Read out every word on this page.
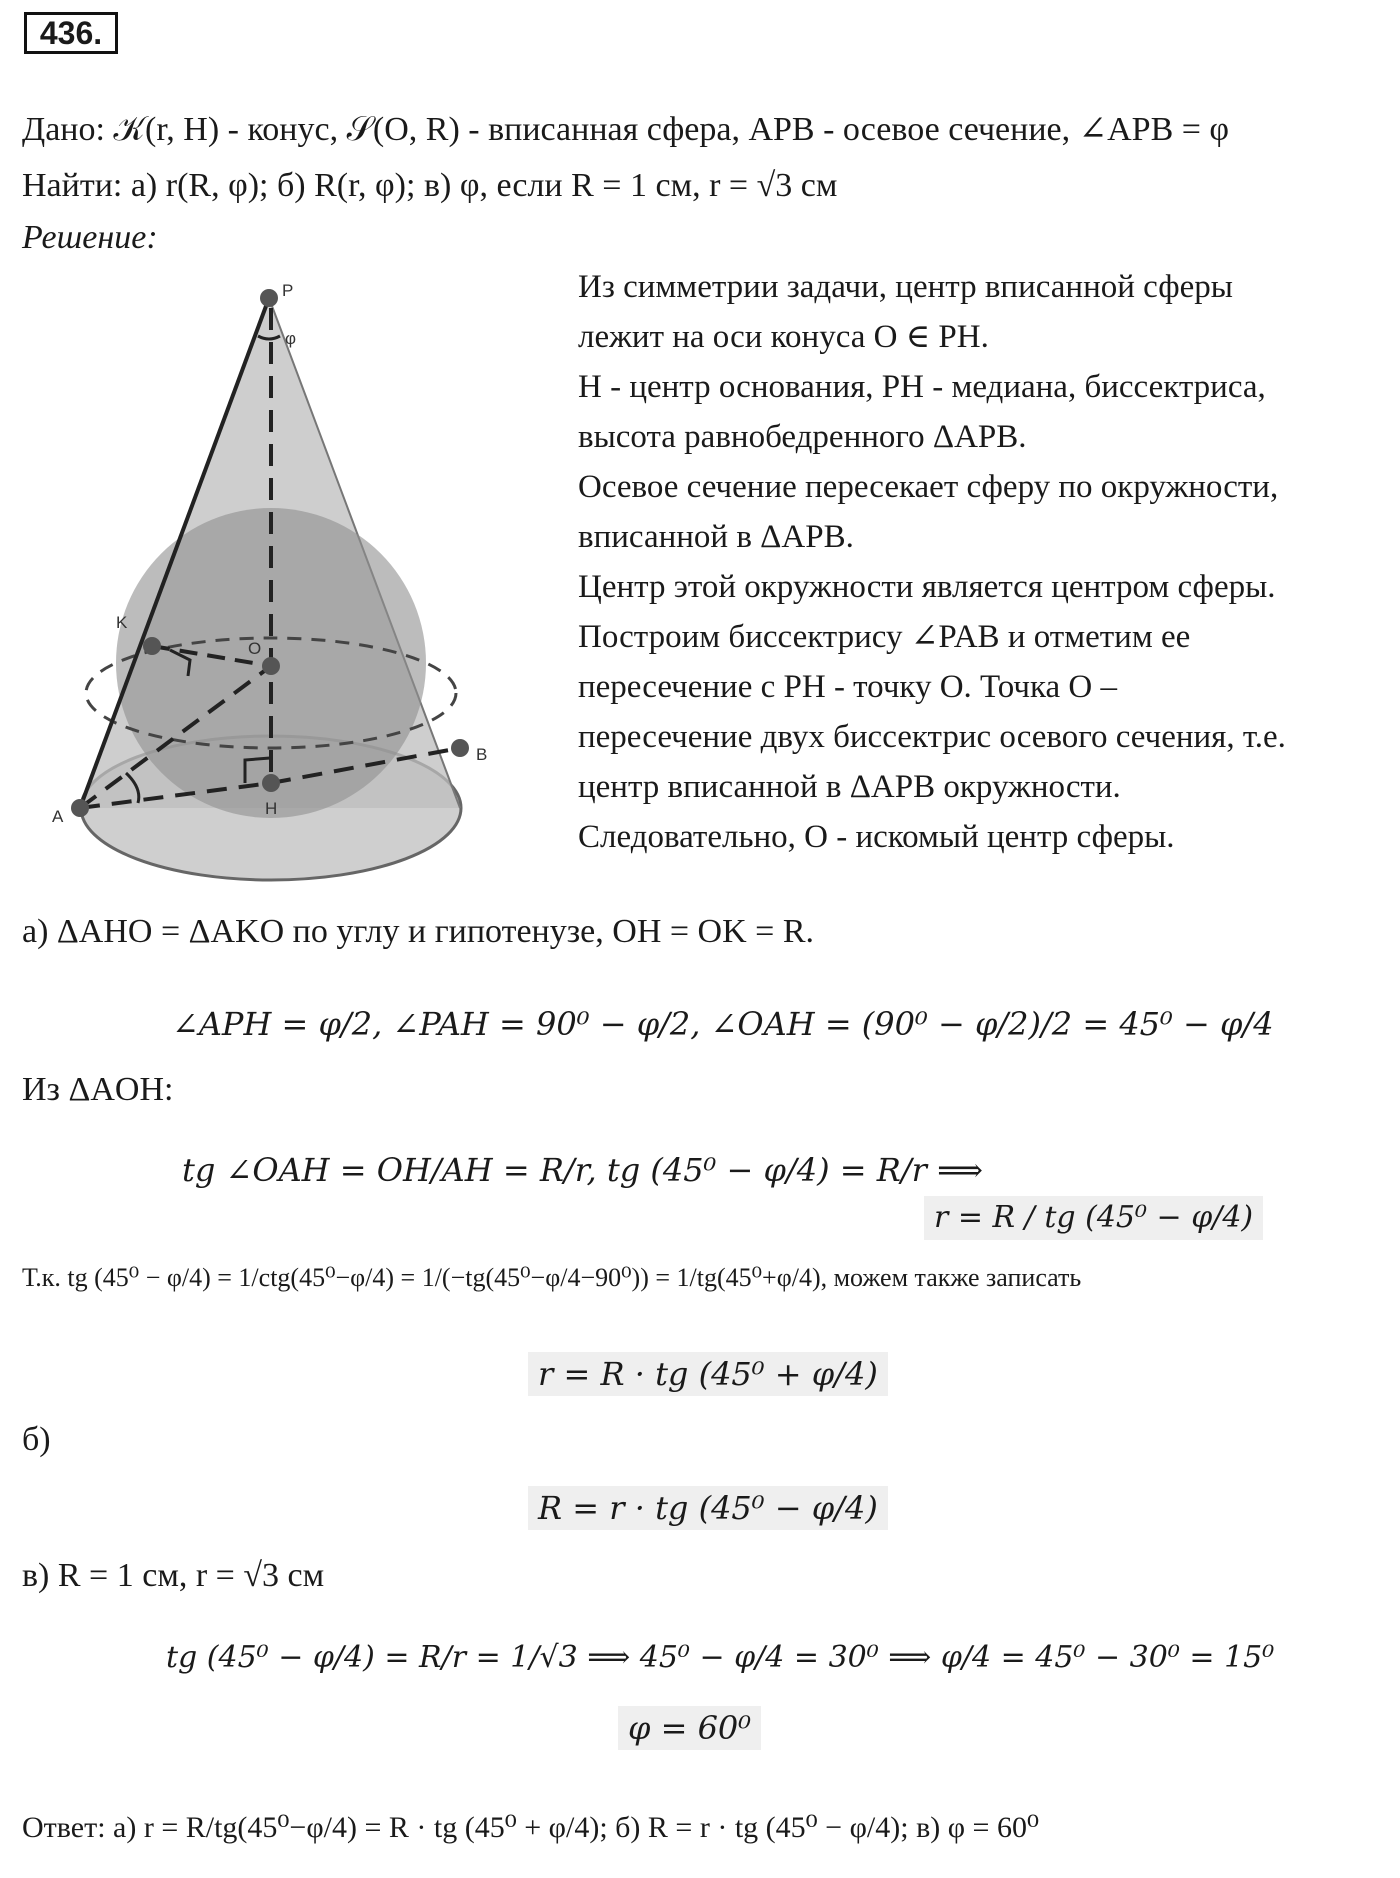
436.
Дано: 𝒦(r, H) - конус, 𝒮(O, R) - вписанная сфера, APB - осевое сечение, ∠APB = φ
Найти: а) r(R, φ); б) R(r, φ); в) φ, если R = 1 см, r = √3 см
Решение:
P
φ
K
O
B
A	H
Из симметрии задачи, центр вписанной сферы
лежит на оси конуса O ∈ PH.
H - центр основания, PH - медиана, биссектриса,
высота равнобедренного ΔAPB.
Осевое сечение пересекает сферу по окружности,
вписанной в ΔAPB.
Центр этой окружности является центром сферы.
Построим биссектрису ∠PAB и отметим ее
пересечение с PH - точку O. Точка O –
пересечение двух биссектрис осевого сечения, т.е.
центр вписанной в ΔAPB окружности.
Следовательно, O - искомый центр сферы.
а) ΔAHO = ΔAKO по углу и гипотенузе, OH = OK = R.
∠APH = φ/2, ∠PAH = 90⁰ − φ/2, ∠OAH = (90⁰ − φ/2)/2 = 45⁰ − φ/4
Из ΔAOH:
tg ∠OAH = OH/AH = R/r, tg (45⁰ − φ/4) = R/r ⟹
r = R / tg (45⁰ − φ/4)
Т.к. tg (45⁰ − φ/4) = 1/ctg(45⁰−φ/4) = 1/(−tg(45⁰−φ/4−90⁰)) = 1/tg(45⁰+φ/4), можем также записать
r = R · tg (45⁰ + φ/4)
б)
R = r · tg (45⁰ − φ/4)
в) R = 1 см, r = √3 см
tg (45⁰ − φ/4) = R/r = 1/√3 ⟹ 45⁰ − φ/4 = 30⁰ ⟹ φ/4 = 45⁰ − 30⁰ = 15⁰
φ = 60⁰
Ответ: а) r = R/tg(45⁰−φ/4) = R · tg (45⁰ + φ/4); б) R = r · tg (45⁰ − φ/4); в) φ = 60⁰
